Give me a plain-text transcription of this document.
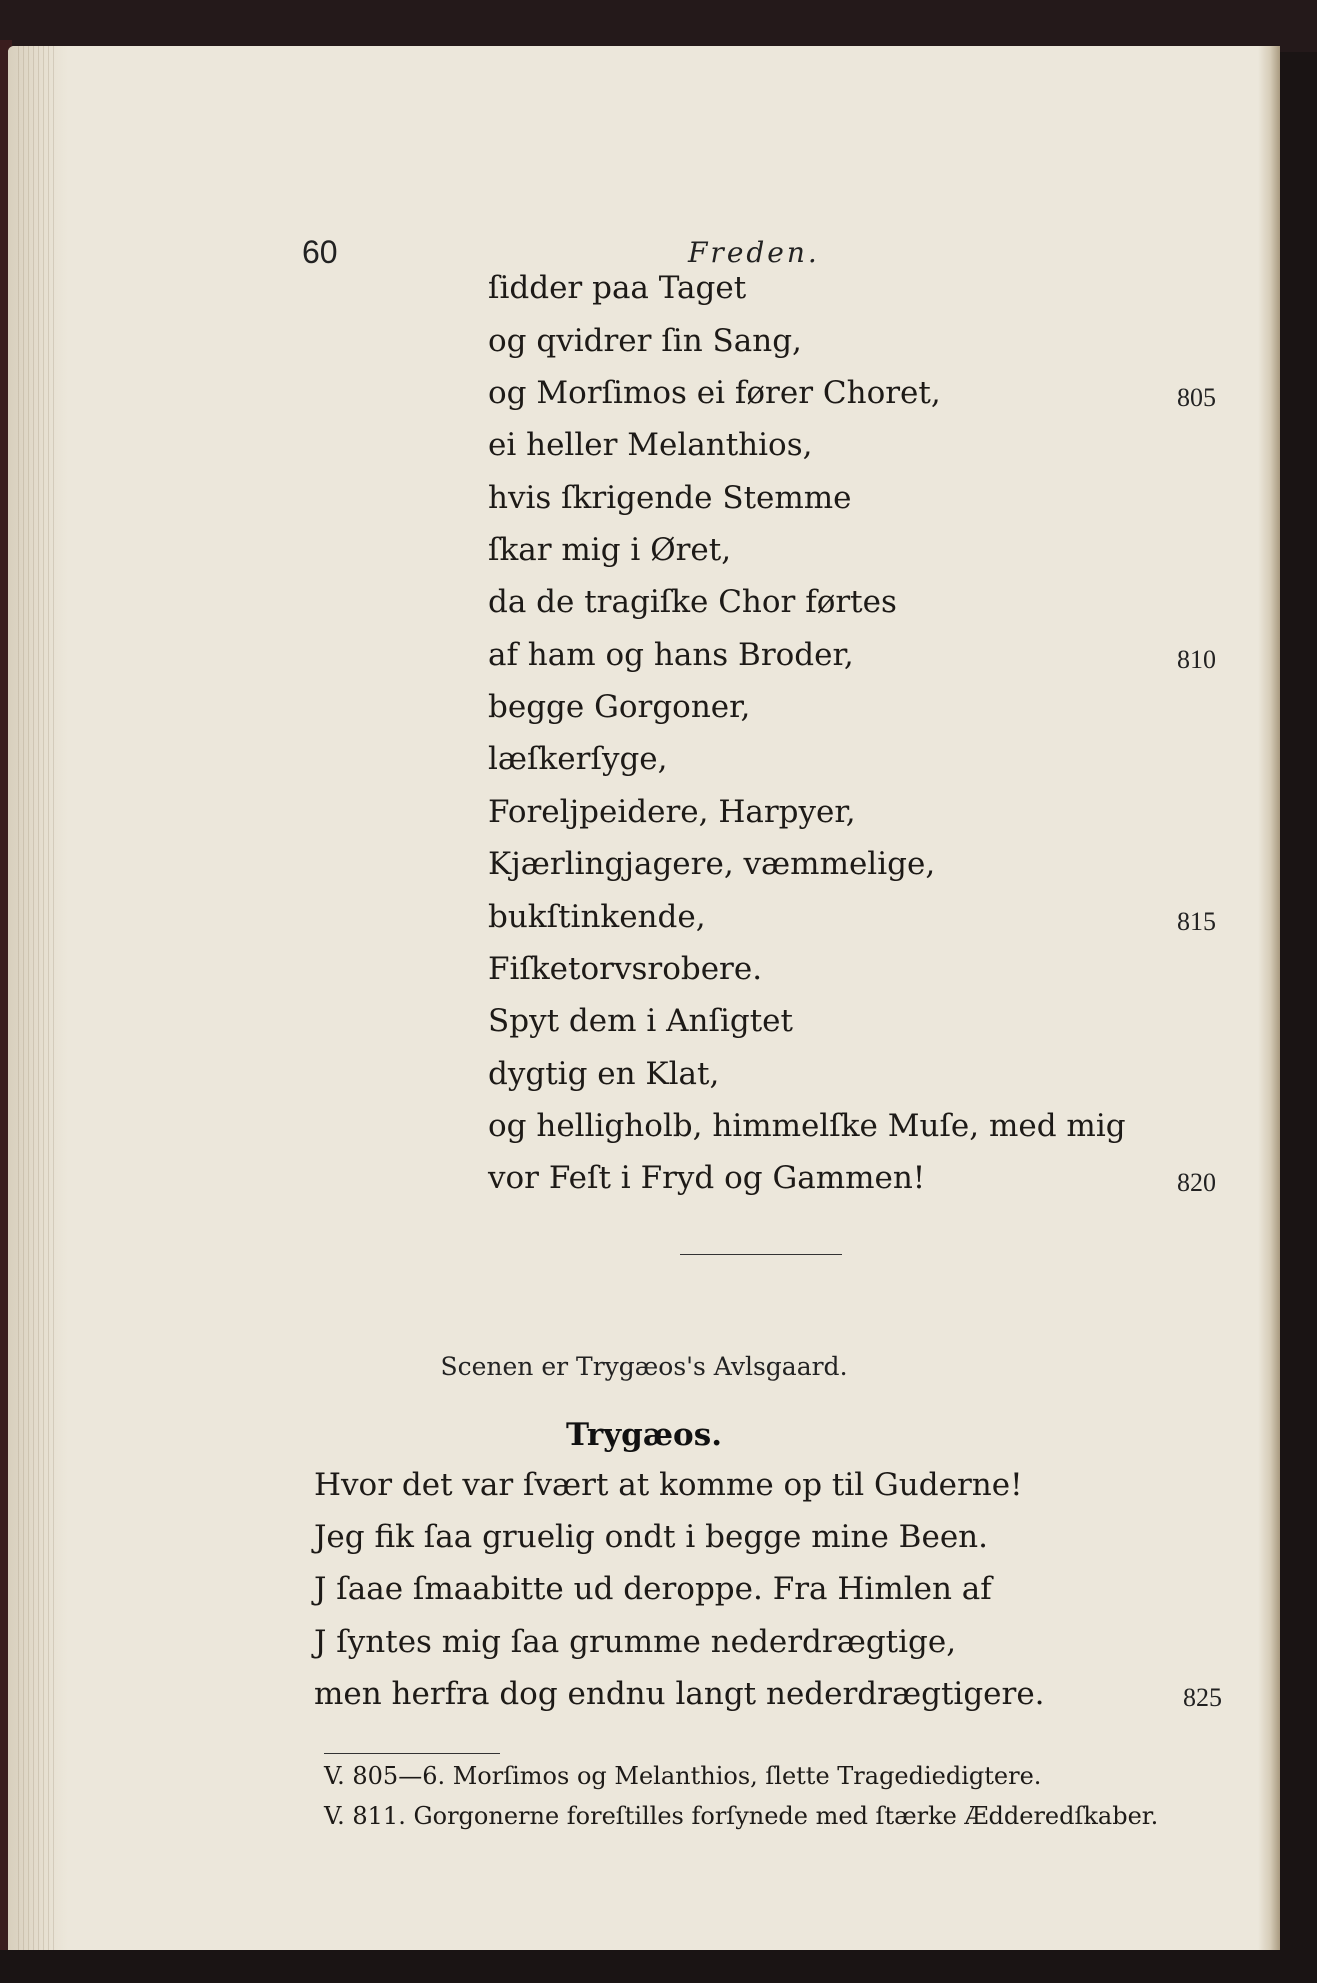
60	Freden.
ſidder paa Taget
og qvidrer ſin Sang,
og Morſimos ei fører Choret,	805
ei heller Melanthios,
hvis ſkrigende Stemme
ſkar mig i Øret,
da de tragiſke Chor førtes
af ham og hans Broder,	810
begge Gorgoner,
læſkerſyge,
Foreljpeidere, Harpyer,
Kjærlingjagere, væmmelige,
bukſtinkende,	815
Fiſketorvsrobere.
Spyt dem i Anſigtet
dygtig en Klat,
og helligholb, himmelſke Muſe, med mig
vor Feſt i Fryd og Gammen!	820
Scenen er Trygæos's Avlsgaard.
Trygæos.
Hvor det var ſvært at komme op til Guderne!
Jeg fik ſaa gruelig ondt i begge mine Been.
J ſaae ſmaabitte ud deroppe. Fra Himlen af
J ſyntes mig ſaa grumme nederdrægtige,
men herfra dog endnu langt nederdrægtigere.	825
V. 805—6. Morſimos og Melanthios, ſlette Tragediedigtere.
V. 811. Gorgonerne foreſtilles forſynede med ſtærke Ædderedſkaber.
